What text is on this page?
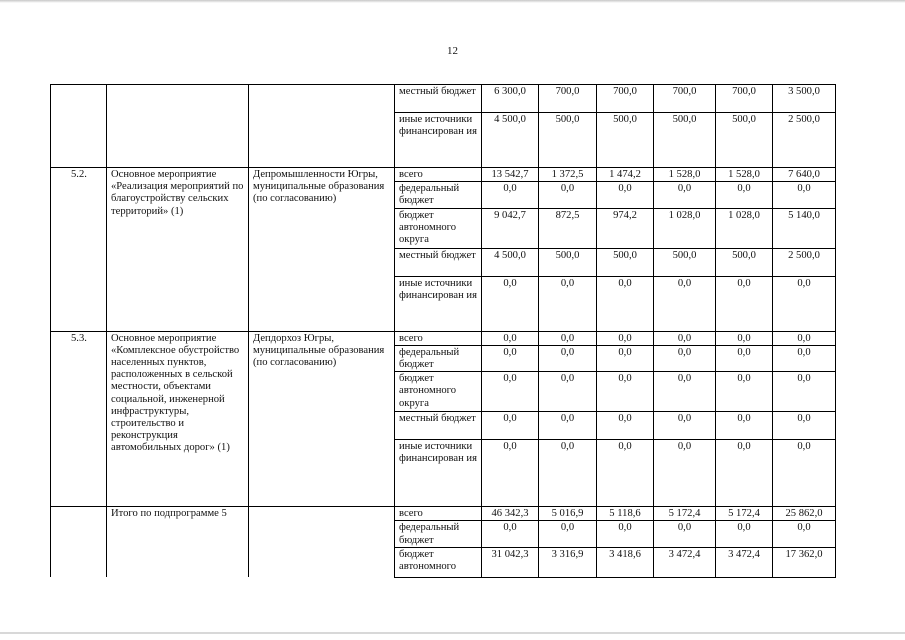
12
			местный бюджет	6 300,0	700,0	700,0	700,0	700,0	3 500,0
			иные источники финансирован ия	4 500,0	500,0	500,0	500,0	500,0	2 500,0
5.2.	Основное мероприятие «Реализация мероприятий по благоустройству сельских территорий» (1)	Депромышленности Югры, муниципальные образования (по согласованию)	всего	13 542,7	1 372,5	1 474,2	1 528,0	1 528,0	7 640,0
			федеральный бюджет	0,0	0,0	0,0	0,0	0,0	0,0
			бюджет автономного округа	9 042,7	872,5	974,2	1 028,0	1 028,0	5 140,0
			местный бюджет	4 500,0	500,0	500,0	500,0	500,0	2 500,0
			иные источники финансирован ия	0,0	0,0	0,0	0,0	0,0	0,0
5.3.	Основное мероприятие «Комплексное обустройство населенных пунктов, расположенных в сельской местности, объектами социальной, инженерной инфраструктуры, строительство и реконструкция автомобильных дорог» (1)	Депдорхоз Югры, муниципальные образования (по согласованию)	всего	0,0	0,0	0,0	0,0	0,0	0,0
			федеральный бюджет	0,0	0,0	0,0	0,0	0,0	0,0
			бюджет автономного округа	0,0	0,0	0,0	0,0	0,0	0,0
			местный бюджет	0,0	0,0	0,0	0,0	0,0	0,0
			иные источники финансирован ия	0,0	0,0	0,0	0,0	0,0	0,0
	Итого по подпрограмме 5		всего	46 342,3	5 016,9	5 118,6	5 172,4	5 172,4	25 862,0
			федеральный бюджет	0,0	0,0	0,0	0,0	0,0	0,0
			бюджет автономного	31 042,3	3 316,9	3 418,6	3 472,4	3 472,4	17 362,0
